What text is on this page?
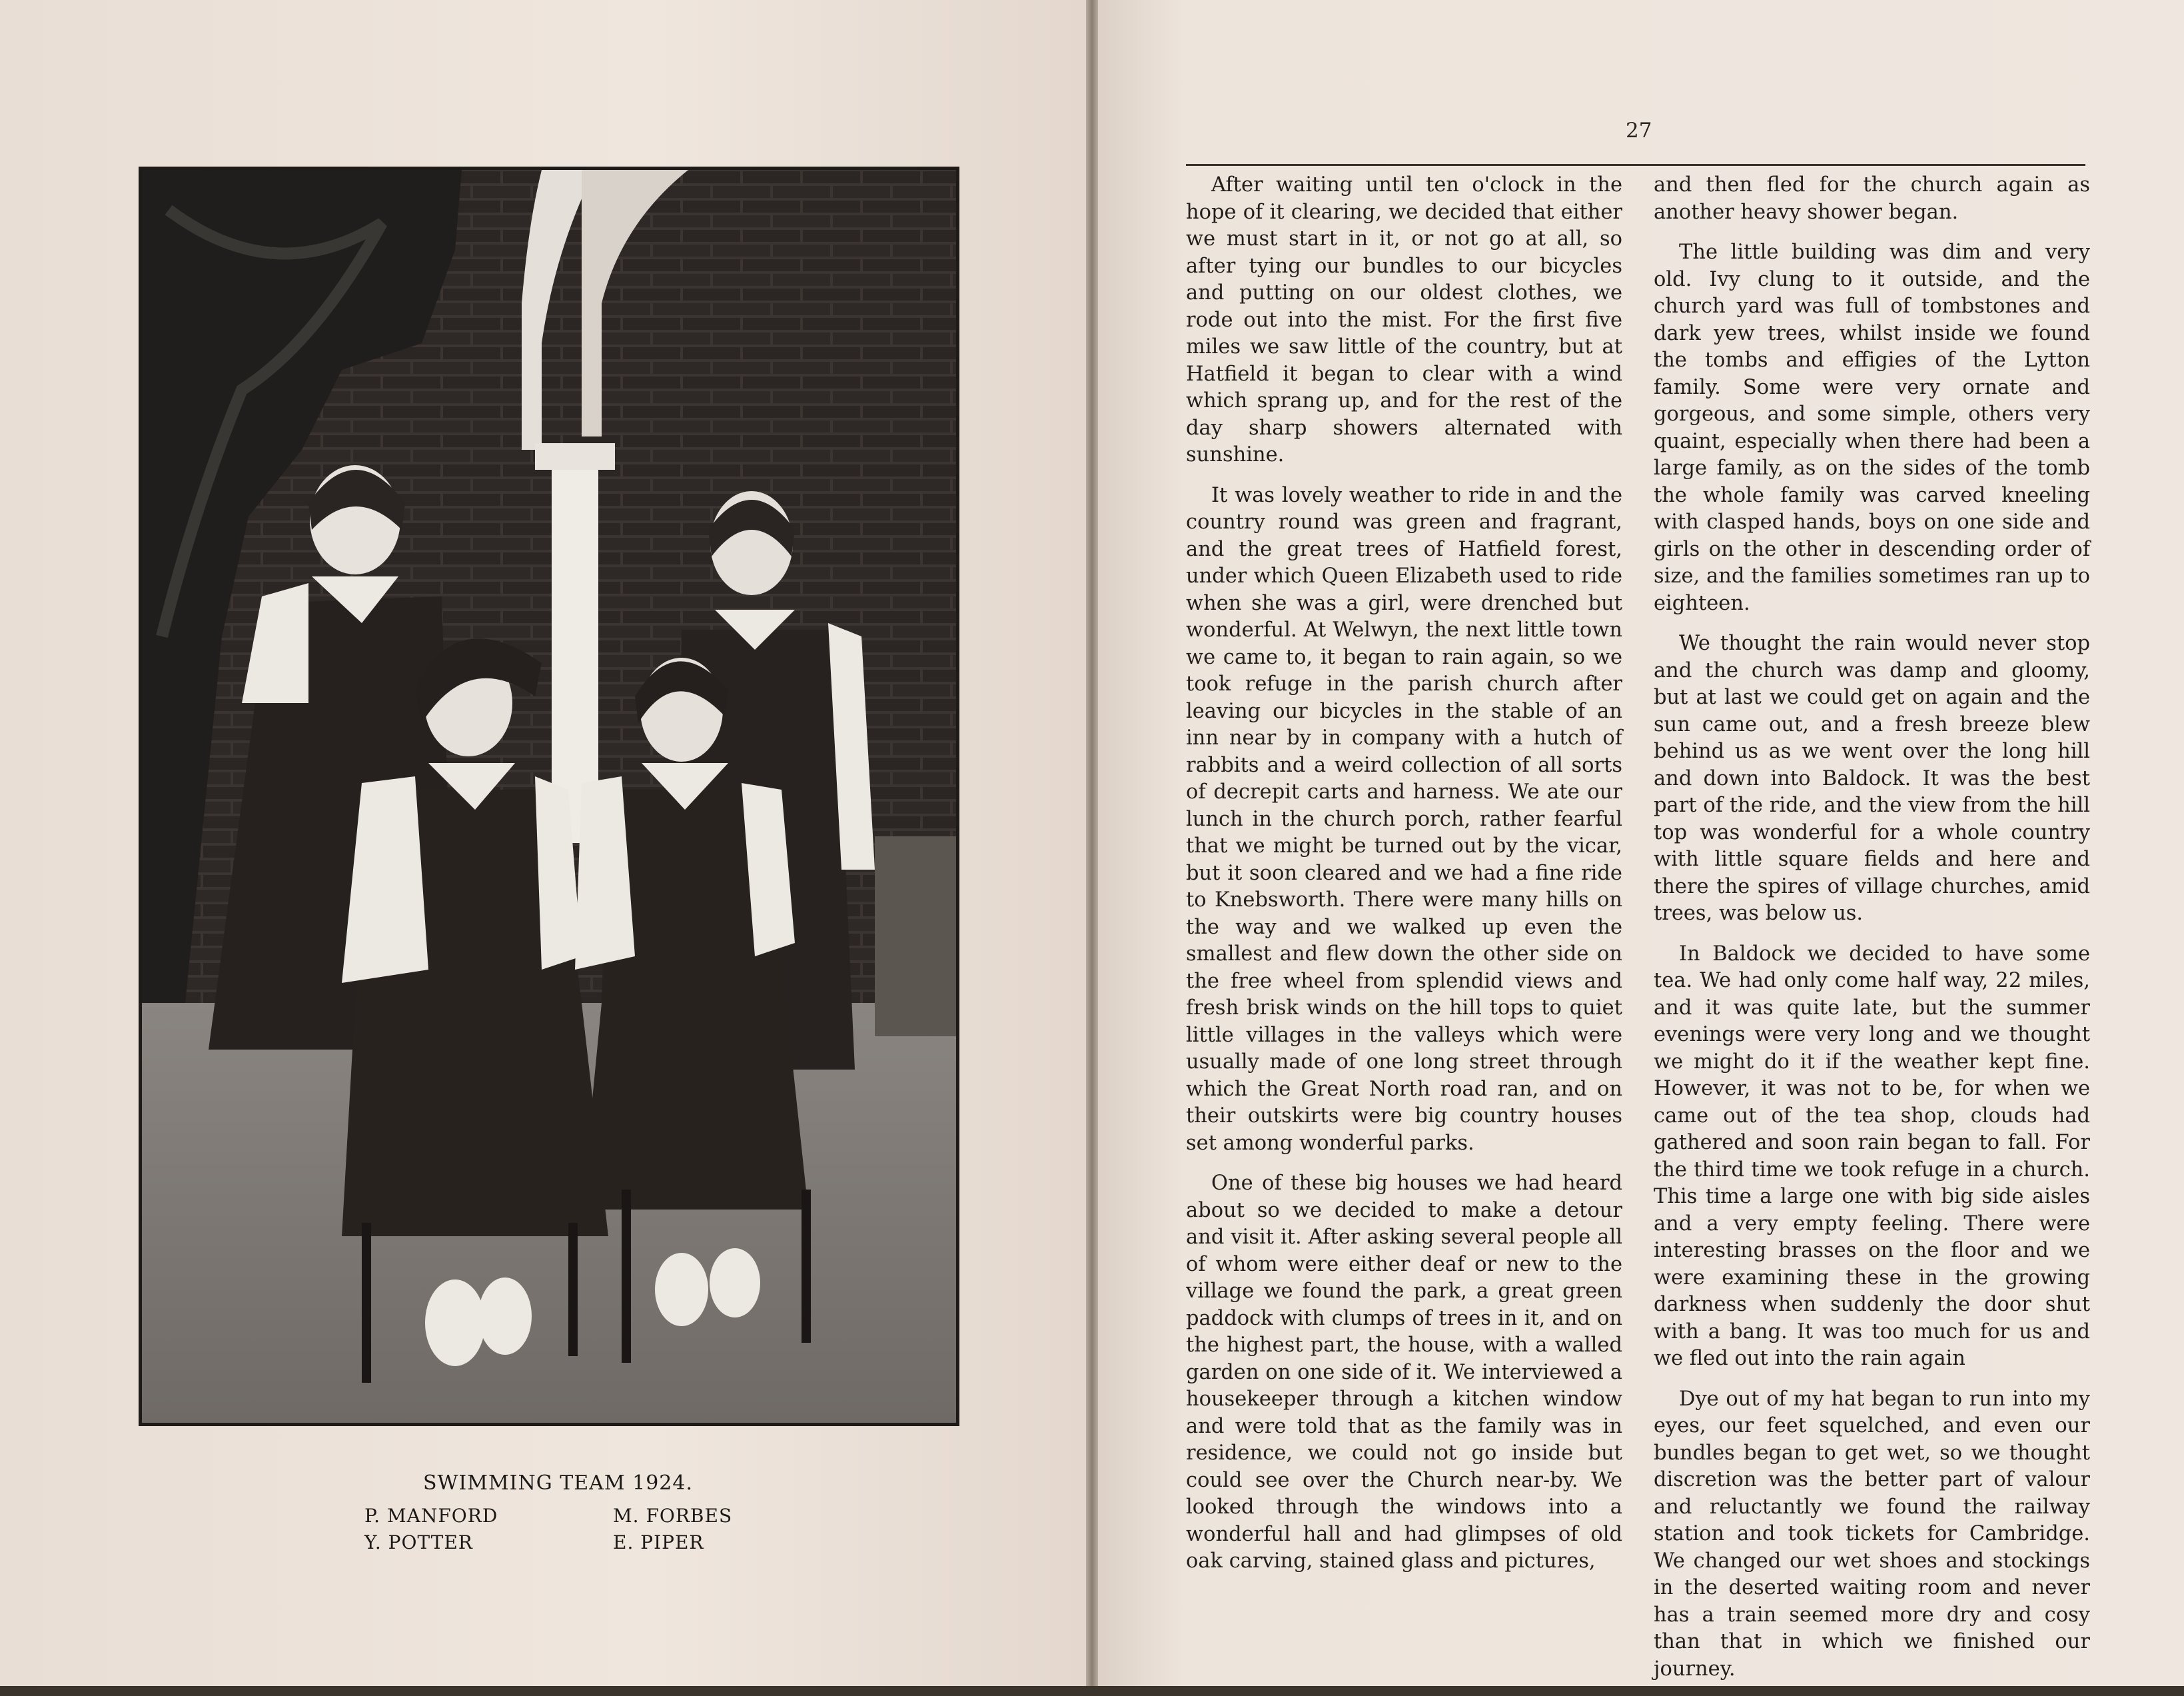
SWIMMING TEAM 1924.
P. MANFORD	M. FORBES
Y. POTTER	E. PIPER
27

After waiting until ten o'clock in the hope of it clearing, we decided that either we must start in it, or not go at all, so after tying our bundles to our bicycles and putting on our oldest clothes, we rode out into the mist. For the first five miles we saw little of the country, but at Hatfield it began to clear with a wind which sprang up, and for the rest of the day sharp showers alternated with sunshine.

It was lovely weather to ride in and the country round was green and fragrant, and the great trees of Hatfield forest, under which Queen Elizabeth used to ride when she was a girl, were drenched but wonderful. At Welwyn, the next little town we came to, it began to rain again, so we took refuge in the parish church after leaving our bicycles in the stable of an inn near by in company with a hutch of rabbits and a weird collection of all sorts of decrepit carts and harness. We ate our lunch in the church porch, rather fearful that we might be turned out by the vicar, but it soon cleared and we had a fine ride to Knebsworth. There were many hills on the way and we walked up even the smallest and flew down the other side on the free wheel from splendid views and fresh brisk winds on the hill tops to quiet little villages in the valleys which were usually made of one long street through which the Great North road ran, and on their outskirts were big country houses set among wonderful parks.

One of these big houses we had heard about so we decided to make a detour and visit it. After asking several people all of whom were either deaf or new to the village we found the park, a great green paddock with clumps of trees in it, and on the highest part, the house, with a walled garden on one side of it. We interviewed a housekeeper through a kitchen window and were told that as the family was in residence, we could not go inside but could see over the Church near-by. We looked through the windows into a wonderful hall and had glimpses of old oak carving, stained glass and pictures,

and then fled for the church again as another heavy shower began.

The little building was dim and very old. Ivy clung to it outside, and the church yard was full of tombstones and dark yew trees, whilst inside we found the tombs and effigies of the Lytton family. Some were very ornate and gorgeous, and some simple, others very quaint, especially when there had been a large family, as on the sides of the tomb the whole family was carved kneeling with clasped hands, boys on one side and girls on the other in descending order of size, and the families sometimes ran up to eighteen.

We thought the rain would never stop and the church was damp and gloomy, but at last we could get on again and the sun came out, and a fresh breeze blew behind us as we went over the long hill and down into Baldock. It was the best part of the ride, and the view from the hill top was wonderful for a whole country with little square fields and here and there the spires of village churches, amid trees, was below us.

In Baldock we decided to have some tea. We had only come half way, 22 miles, and it was quite late, but the summer evenings were very long and we thought we might do it if the weather kept fine. However, it was not to be, for when we came out of the tea shop, clouds had gathered and soon rain began to fall. For the third time we took refuge in a church. This time a large one with big side aisles and a very empty feeling. There were interesting brasses on the floor and we were examining these in the growing darkness when suddenly the door shut with a bang. It was too much for us and we fled out into the rain again

Dye out of my hat began to run into my eyes, our feet squelched, and even our bundles began to get wet, so we thought discretion was the better part of valour and reluctantly we found the railway station and took tickets for Cambridge. We changed our wet shoes and stockings in the deserted waiting room and never has a train seemed more dry and cosy than that in which we finished our journey.
